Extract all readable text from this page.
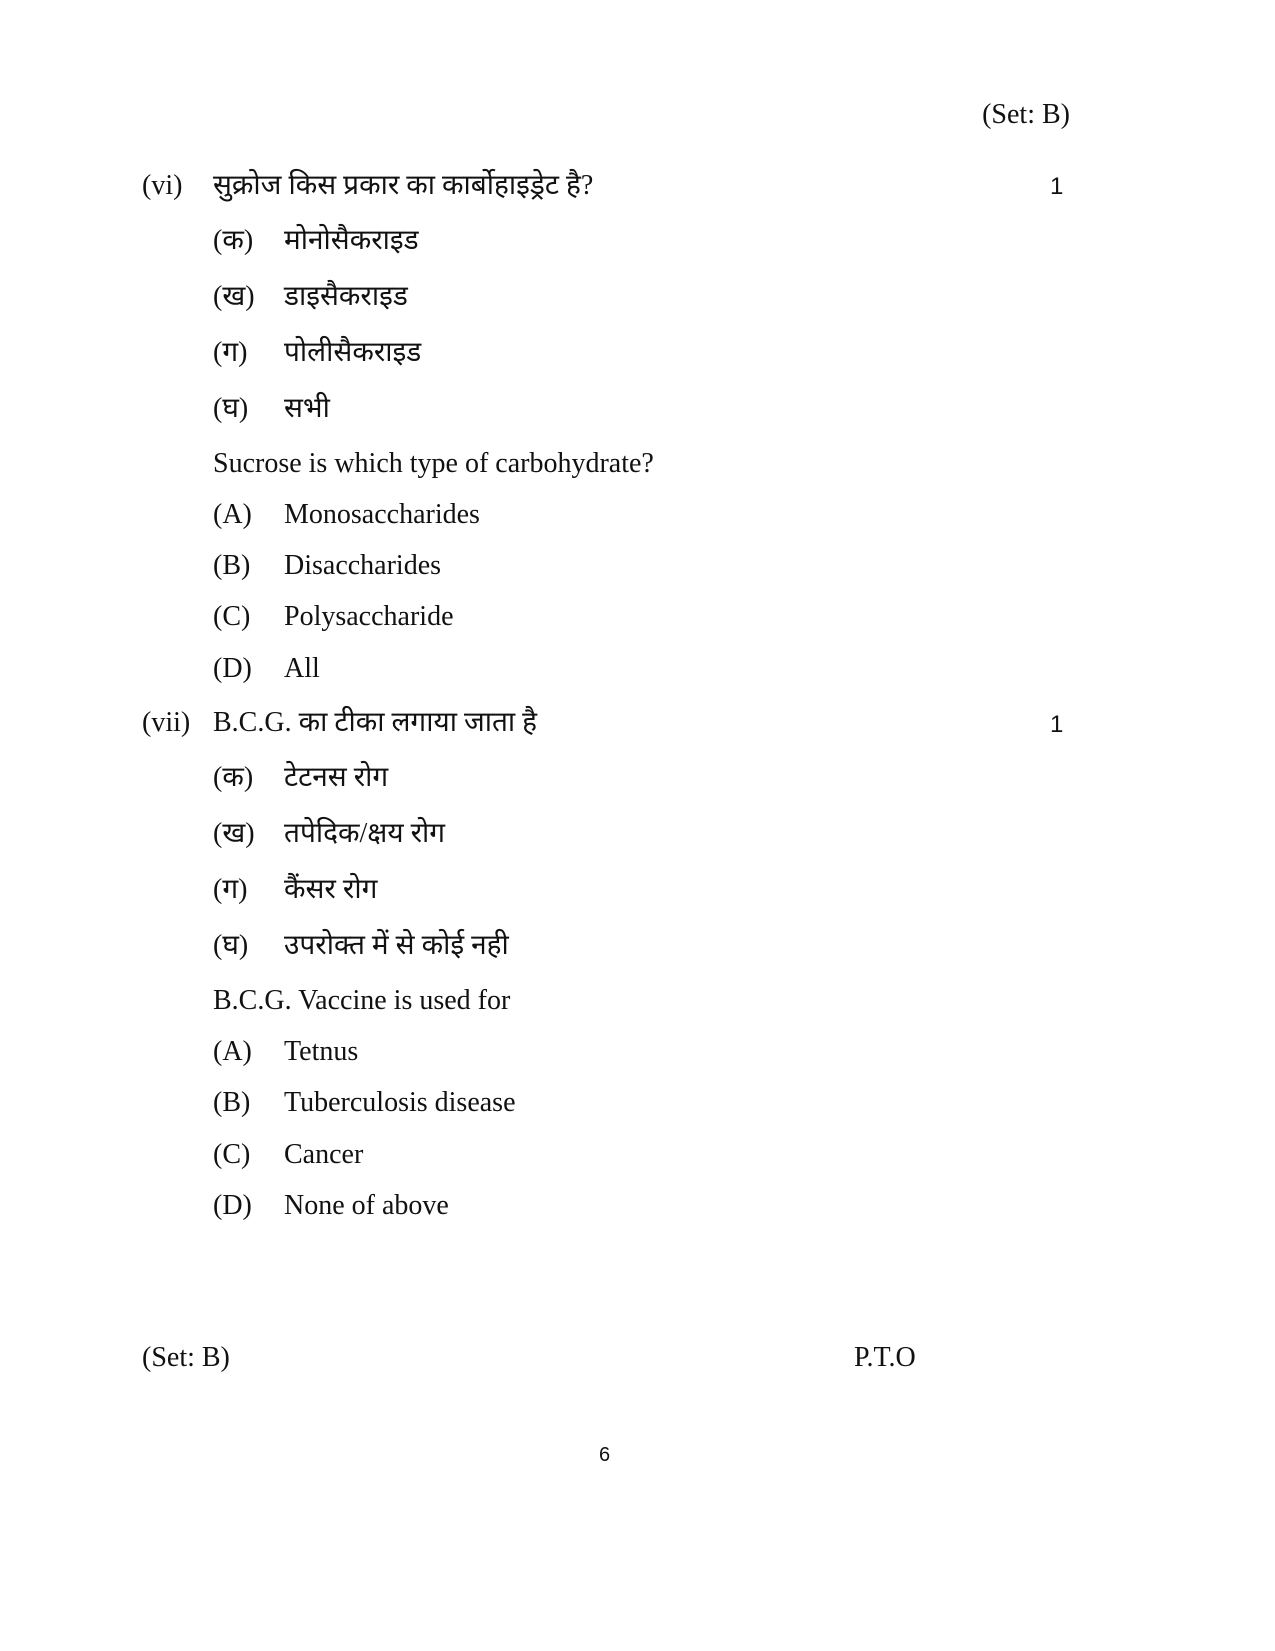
(Set: B)
(vi) सुक्रोज किस प्रकार का कार्बोहाइड्रेट है?	1
(क) मोनोसैकराइड
(ख) डाइसैकराइड
(ग) पोलीसैकराइड
(घ) सभी
Sucrose is which type of carbohydrate?
(A) Monosaccharides
(B) Disaccharides
(C) Polysaccharide
(D) All
(vii) B.C.G. का टीका लगाया जाता है	1
(क) टेटनस रोग
(ख) तपेदिक/क्षय रोग
(ग) कैंसर रोग
(घ) उपरोक्त में से कोई नही
B.C.G. Vaccine is used for
(A) Tetnus
(B) Tuberculosis disease
(C) Cancer
(D) None of above
(Set: B)	P.T.O
6
